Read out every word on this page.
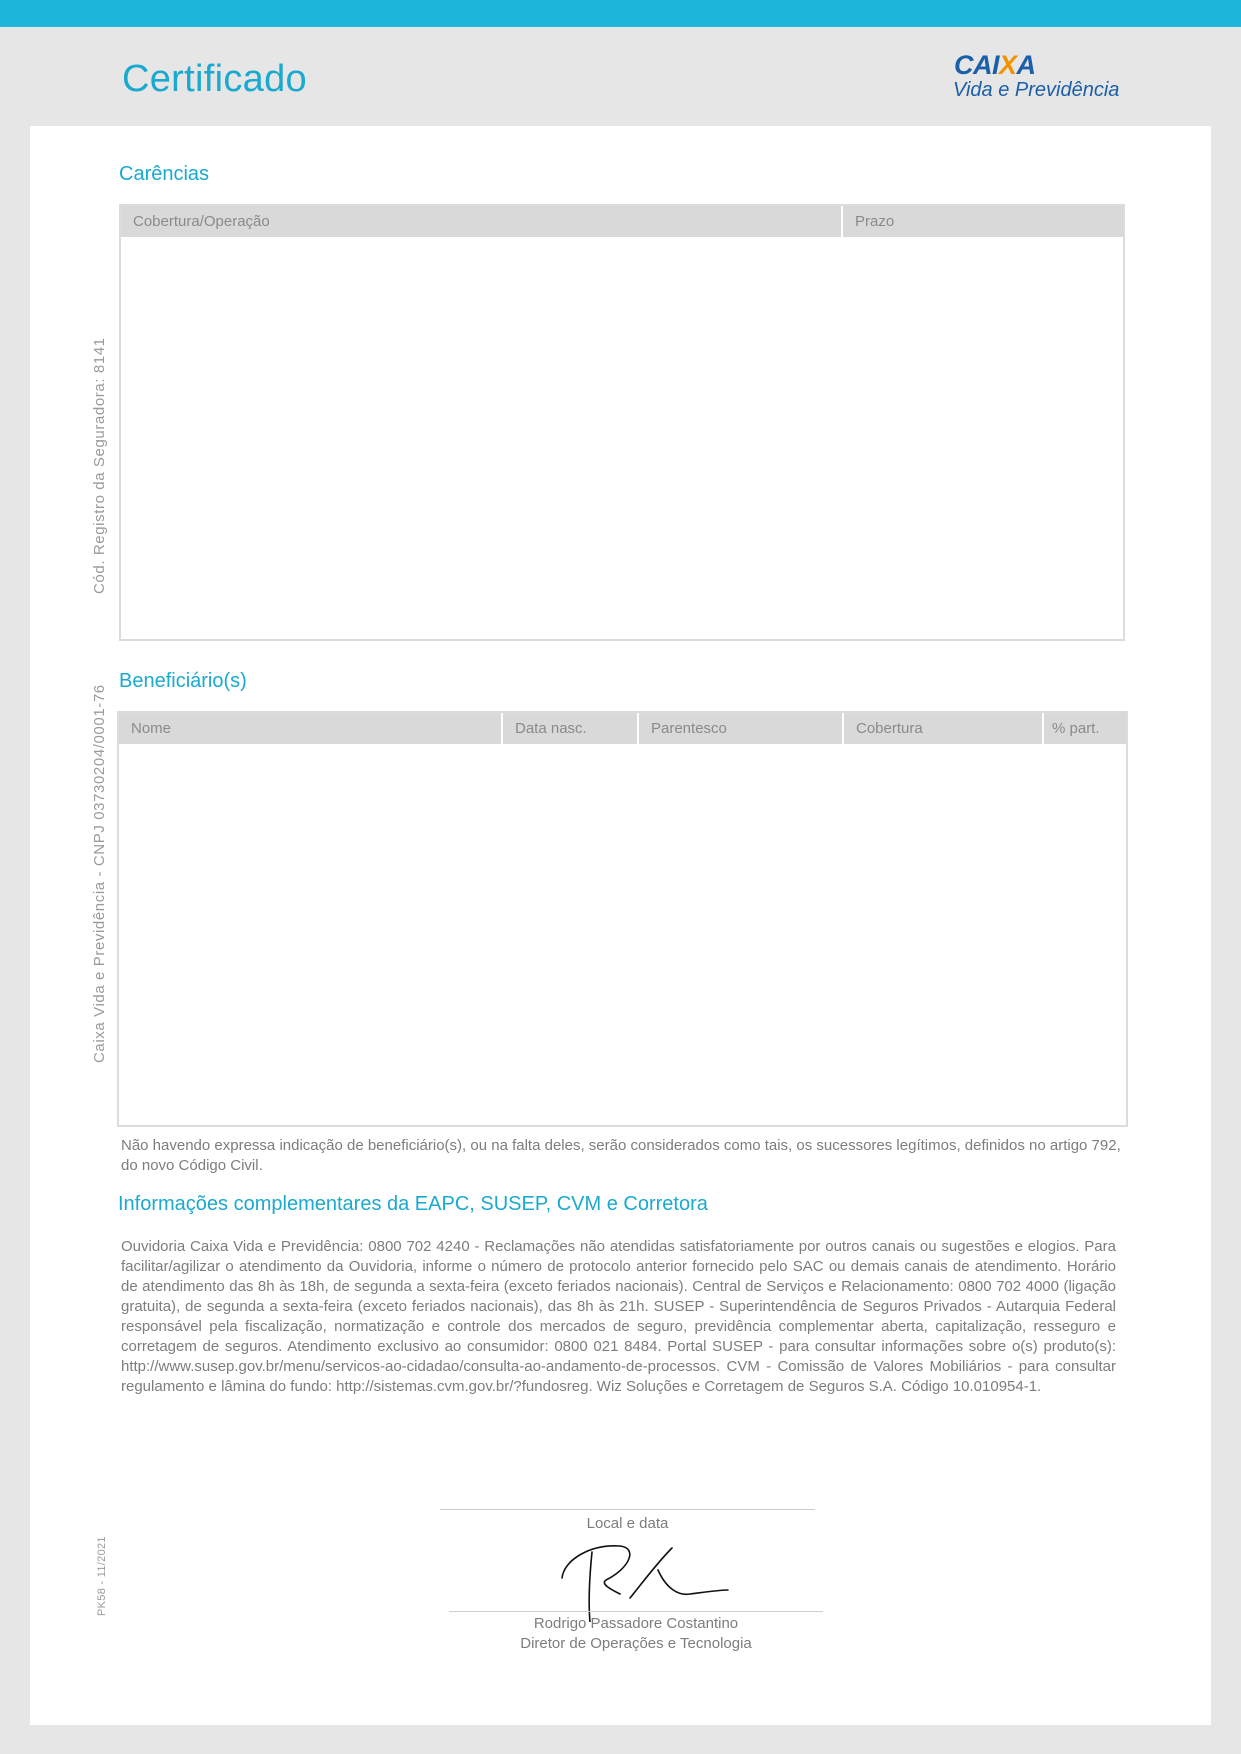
Certificado	CAIXA
Vida e Previdência
Cód. Registro da Seguradora: 8141
Caixa Vida e Previdência - CNPJ 03730204/0001-76
PK58 - 11/2021
Carências
Cobertura/Operação	Prazo
Beneficiário(s)
Nome	Data nasc.	Parentesco	Cobertura	% part.

Não havendo expressa indicação de beneficiário(s), ou na falta deles, serão considerados como tais, os sucessores legítimos, definidos no artigo 792, do novo Código Civil.

Informações complementares da EAPC, SUSEP, CVM e Corretora

Ouvidoria Caixa Vida e Previdência: 0800 702 4240 - Reclamações não atendidas satisfatoriamente por outros canais ou sugestões e elogios. Para facilitar/agilizar o atendimento da Ouvidoria, informe o número de protocolo anterior fornecido pelo SAC ou demais canais de atendimento. Horário de atendimento das 8h às 18h, de segunda a sexta-feira (exceto feriados nacionais). Central de Serviços e Relacionamento: 0800 702 4000 (ligação gratuita), de segunda a sexta-feira (exceto feriados nacionais), das 8h às 21h. SUSEP - Superintendência de Seguros Privados - Autarquia Federal responsável pela fiscalização, normatização e controle dos mercados de seguro, previdência complementar aberta, capitalização, resseguro e corretagem de seguros. Atendimento exclusivo ao consumidor: 0800 021 8484. Portal SUSEP - para consultar informações sobre o(s) produto(s): http://www.susep.gov.br/menu/servicos-ao-cidadao/consulta-ao-andamento-de-processos. CVM - Comissão de Valores Mobiliários - para consultar regulamento e lâmina do fundo: http://sistemas.cvm.gov.br/?fundosreg. Wiz Soluções e Corretagem de Seguros S.A. Código 10.010954-1.

Local e data
Rodrigo Passadore Costantino
Diretor de Operações e Tecnologia
